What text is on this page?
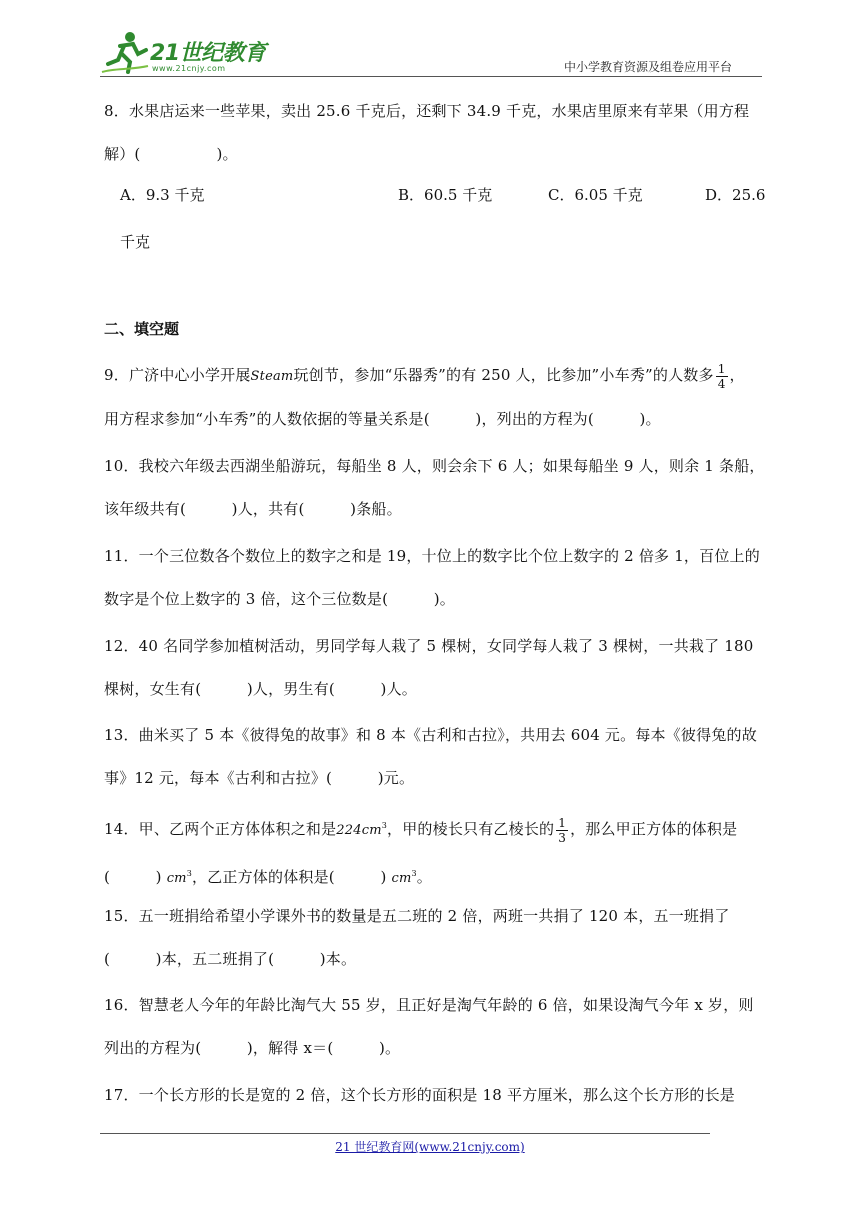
21世纪教育
www.21cnjy.com	中小学教育资源及组卷应用平台
8．水果店运来一些苹果，卖出 25.6 千克后，还剩下 34.9 千克，水果店里原来有苹果（用方程
解）(　　　　　)。
A．9.3 千克	B．60.5 千克	C．6.05 千克	D．25.6
千克
二、填空题
9．广济中心小学开展Steam玩创节，参加“乐器秀”的有 250 人，比参加”小车秀”的人数多 $\frac{1}{4}$ ，
用方程求参加“小车秀”的人数依据的等量关系是(　　　)，列出的方程为(　　　)。
10．我校六年级去西湖坐船游玩，每船坐 8 人，则会余下 6 人；如果每船坐 9 人，则余 1 条船，
该年级共有(　　　)人，共有(　　　)条船。
11．一个三位数各个数位上的数字之和是 19，十位上的数字比个位上数字的 2 倍多 1，百位上的
数字是个位上数字的 3 倍，这个三位数是(　　　)。
12．40 名同学参加植树活动，男同学每人栽了 5 棵树，女同学每人栽了 3 棵树，一共栽了 180
棵树，女生有(　　　)人，男生有(　　　)人。
13．曲米买了 5 本《彼得兔的故事》和 8 本《古利和古拉》，共用去 604 元。每本《彼得兔的故
事》12 元，每本《古利和古拉》(　　　)元。
14．甲、乙两个正方体体积之和是$224cm^3$，甲的棱长只有乙棱长的 $\frac{1}{3}$ ，那么甲正方体的体积是
(　　　) $cm^3$，乙正方体的体积是(　　　) $cm^3$。
15．五一班捐给希望小学课外书的数量是五二班的 2 倍，两班一共捐了 120 本，五一班捐了
(　　　)本，五二班捐了(　　　)本。
16．智慧老人今年的年龄比淘气大 55 岁，且正好是淘气年龄的 6 倍，如果设淘气今年 x 岁，则
列出的方程为(　　　)，解得 x＝(　　　)。
17．一个长方形的长是宽的 2 倍，这个长方形的面积是 18 平方厘米，那么这个长方形的长是
21 世纪教育网(www.21cnjy.com)
